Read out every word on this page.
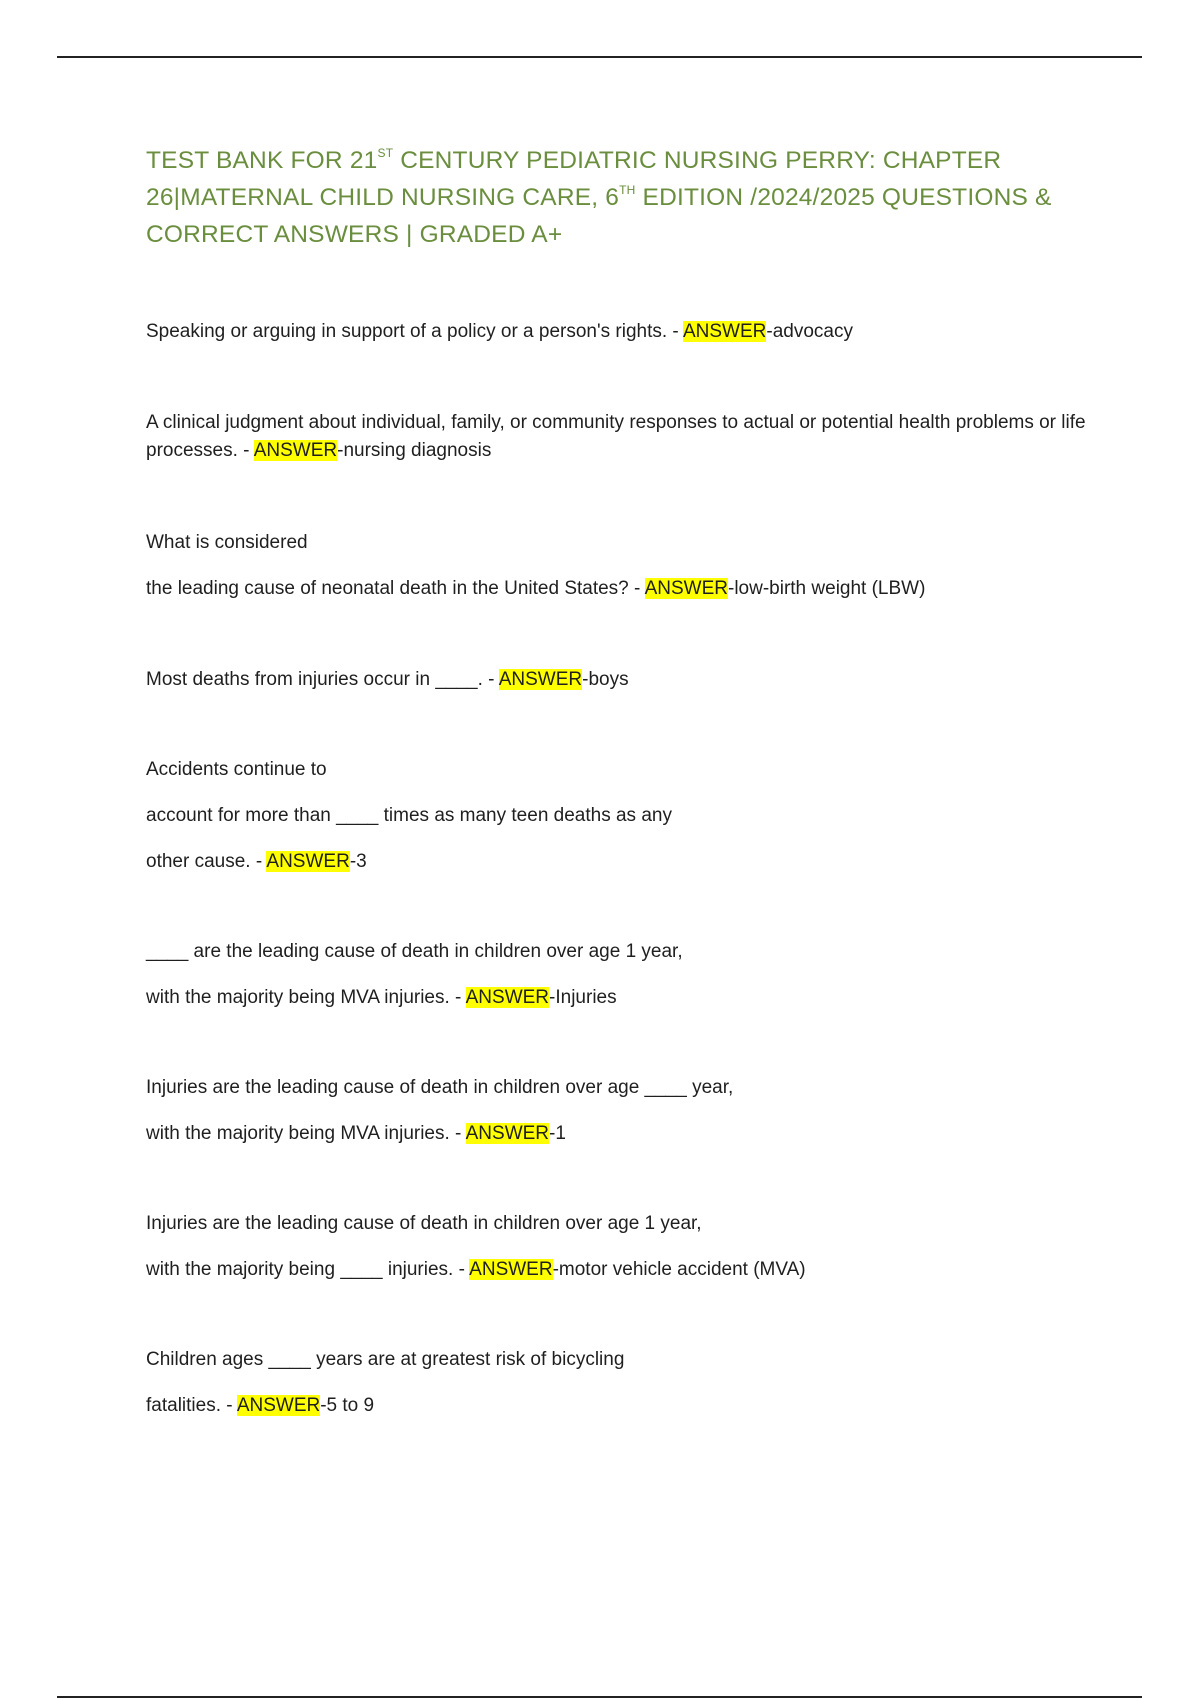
TEST BANK FOR 21ST CENTURY PEDIATRIC NURSING PERRY: CHAPTER 26|MATERNAL CHILD NURSING CARE, 6TH EDITION /2024/2025 QUESTIONS & CORRECT ANSWERS | GRADED A+

Speaking or arguing in support of a policy or a person's rights. - ANSWER-advocacy

A clinical judgment about individual, family, or community responses to actual or potential health problems or life processes. - ANSWER-nursing diagnosis

What is considered

the leading cause of neonatal death in the United States? - ANSWER-low-birth weight (LBW)

Most deaths from injuries occur in ____. - ANSWER-boys

Accidents continue to

account for more than ____ times as many teen deaths as any

other cause. - ANSWER-3

____ are the leading cause of death in children over age 1 year,

with the majority being MVA injuries. - ANSWER-Injuries

Injuries are the leading cause of death in children over age ____ year,

with the majority being MVA injuries. - ANSWER-1

Injuries are the leading cause of death in children over age 1 year,

with the majority being ____ injuries. - ANSWER-motor vehicle accident (MVA)

Children ages ____ years are at greatest risk of bicycling

fatalities. - ANSWER-5 to 9
